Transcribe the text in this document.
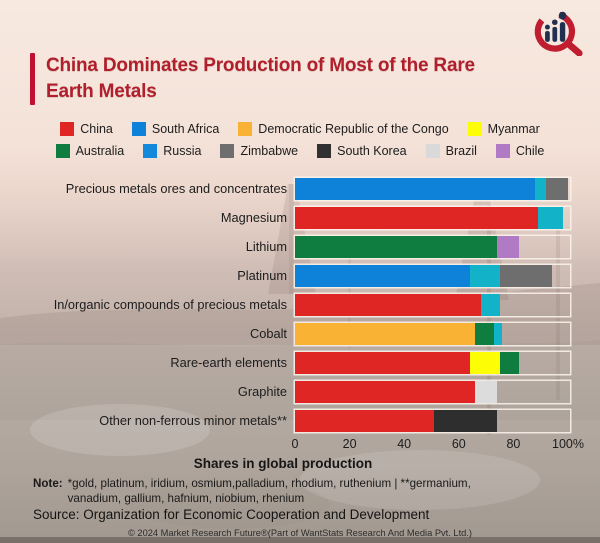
China Dominates Production of Most of the Rare
Earth Metals
China	South Africa	Democratic Republic of the Congo	Myanmar
Australia	Russia	Zimbabwe	South Korea	Brazil	Chile
Precious metals ores and concentrates
Magnesium
Lithium
Platinum
In/organic compounds of precious metals
Cobalt
Rare-earth elements
Graphite
Other non-ferrous minor metals**
0	20	40	60	80	100%
Shares in global production
Note: *gold, platinum, iridium, osmium,palladium, rhodium, ruthenium | **germanium,
vanadium, gallium, hafnium, niobium, rhenium
Source: Organization for Economic Cooperation and Development
© 2024 Market Research Future®(Part of WantStats Research And Media Pvt. Ltd.)
